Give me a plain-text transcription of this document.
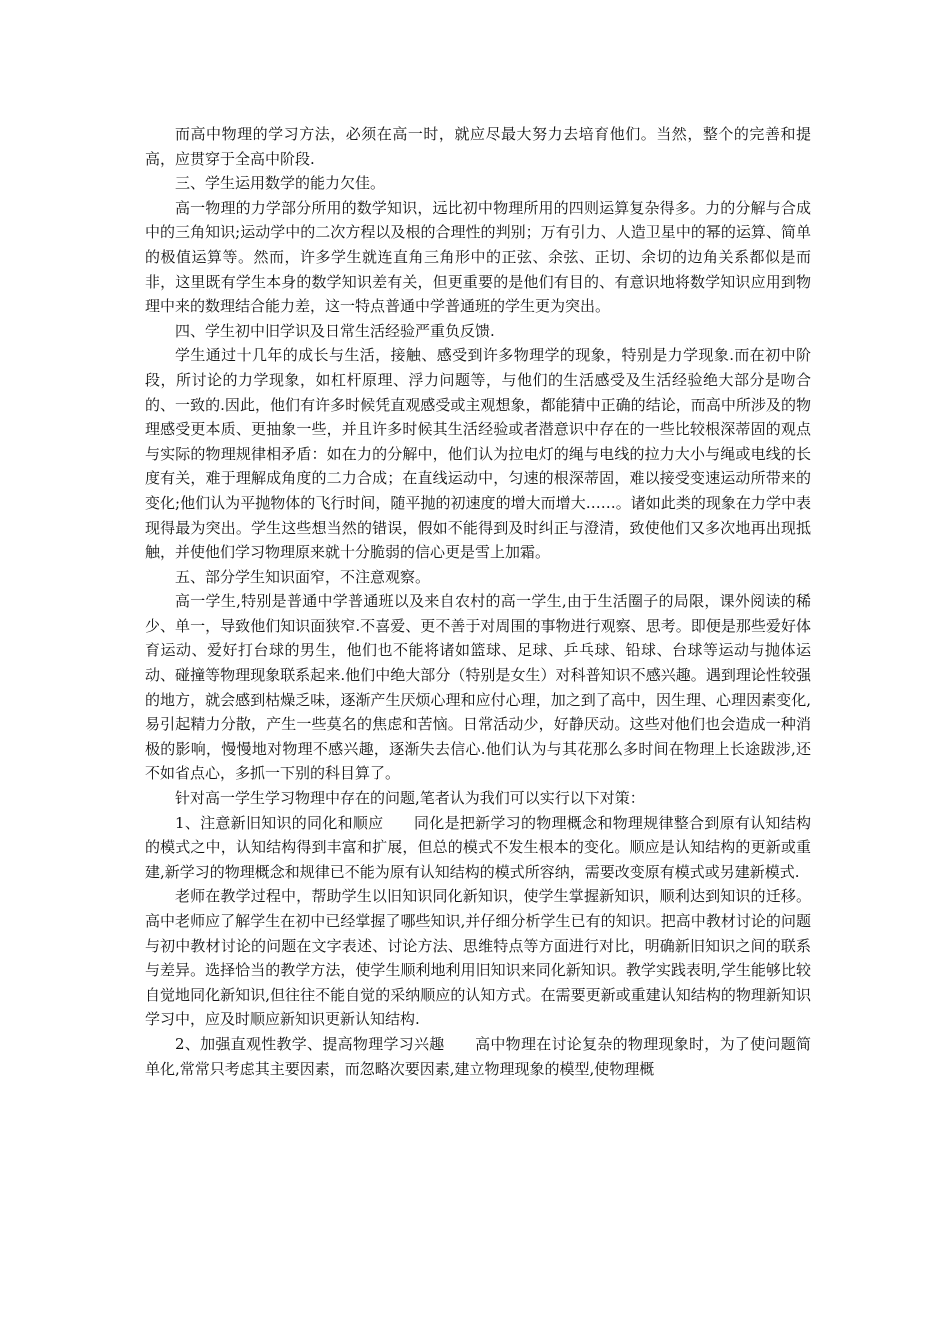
而高中物理的学习方法，必须在高一时，就应尽最大努力去培育他们。当然，整个的完善和提高，应贯穿于全高中阶段.

三、学生运用数学的能力欠佳。

高一物理的力学部分所用的数学知识，远比初中物理所用的四则运算复杂得多。力的分解与合成中的三角知识;运动学中的二次方程以及根的合理性的判别；万有引力、人造卫星中的幂的运算、简单的极值运算等。然而，许多学生就连直角三角形中的正弦、余弦、正切、余切的边角关系都似是而非，这里既有学生本身的数学知识差有关，但更重要的是他们有目的、有意识地将数学知识应用到物理中来的数理结合能力差，这一特点普通中学普通班的学生更为突出。

四、学生初中旧学识及日常生活经验严重负反馈.

学生通过十几年的成长与生活，接触、感受到许多物理学的现象，特别是力学现象.而在初中阶段，所讨论的力学现象，如杠杆原理、浮力问题等，与他们的生活感受及生活经验绝大部分是吻合的、一致的.因此，他们有许多时候凭直观感受或主观想象，都能猜中正确的结论，而高中所涉及的物理感受更本质、更抽象一些，并且许多时候其生活经验或者潜意识中存在的一些比较根深蒂固的观点与实际的物理规律相矛盾：如在力的分解中，他们认为拉电灯的绳与电线的拉力大小与绳或电线的长度有关，难于理解成角度的二力合成；在直线运动中，匀速的根深蒂固，难以接受变速运动所带来的变化;他们认为平抛物体的飞行时间，随平抛的初速度的增大而增大……。诸如此类的现象在力学中表现得最为突出。学生这些想当然的错误，假如不能得到及时纠正与澄清，致使他们又多次地再出现抵触，并使他们学习物理原来就十分脆弱的信心更是雪上加霜。

五、部分学生知识面窄，不注意观察。

高一学生,特别是普通中学普通班以及来自农村的高一学生,由于生活圈子的局限，课外阅读的稀少、单一，导致他们知识面狭窄.不喜爱、更不善于对周围的事物进行观察、思考。即便是那些爱好体育运动、爱好打台球的男生，他们也不能将诸如篮球、足球、乒乓球、铅球、台球等运动与抛体运动、碰撞等物理现象联系起来.他们中绝大部分（特别是女生）对科普知识不感兴趣。遇到理论性较强的地方，就会感到枯燥乏味，逐渐产生厌烦心理和应付心理，加之到了高中，因生理、心理因素变化,易引起精力分散，产生一些莫名的焦虑和苦恼。日常活动少，好静厌动。这些对他们也会造成一种消极的影响，慢慢地对物理不感兴趣，逐渐失去信心.他们认为与其花那么多时间在物理上长途跋涉,还不如省点心，多抓一下别的科目算了。

针对高一学生学习物理中存在的问题,笔者认为我们可以实行以下对策：

1、注意新旧知识的同化和顺应　　同化是把新学习的物理概念和物理规律整合到原有认知结构的模式之中，认知结构得到丰富和扩展，但总的模式不发生根本的变化。顺应是认知结构的更新或重建,新学习的物理概念和规律已不能为原有认知结构的模式所容纳，需要改变原有模式或另建新模式.

老师在教学过程中，帮助学生以旧知识同化新知识，使学生掌握新知识，顺利达到知识的迁移。高中老师应了解学生在初中已经掌握了哪些知识,并仔细分析学生已有的知识。把高中教材讨论的问题与初中教材讨论的问题在文字表述、讨论方法、思维特点等方面进行对比，明确新旧知识之间的联系与差异。选择恰当的教学方法，使学生顺利地利用旧知识来同化新知识。教学实践表明,学生能够比较自觉地同化新知识,但往往不能自觉的采纳顺应的认知方式。在需要更新或重建认知结构的物理新知识学习中，应及时顺应新知识更新认知结构.

2、加强直观性教学、提高物理学习兴趣　　高中物理在讨论复杂的物理现象时，为了使问题简单化,常常只考虑其主要因素，而忽略次要因素,建立物理现象的模型,使物理概
